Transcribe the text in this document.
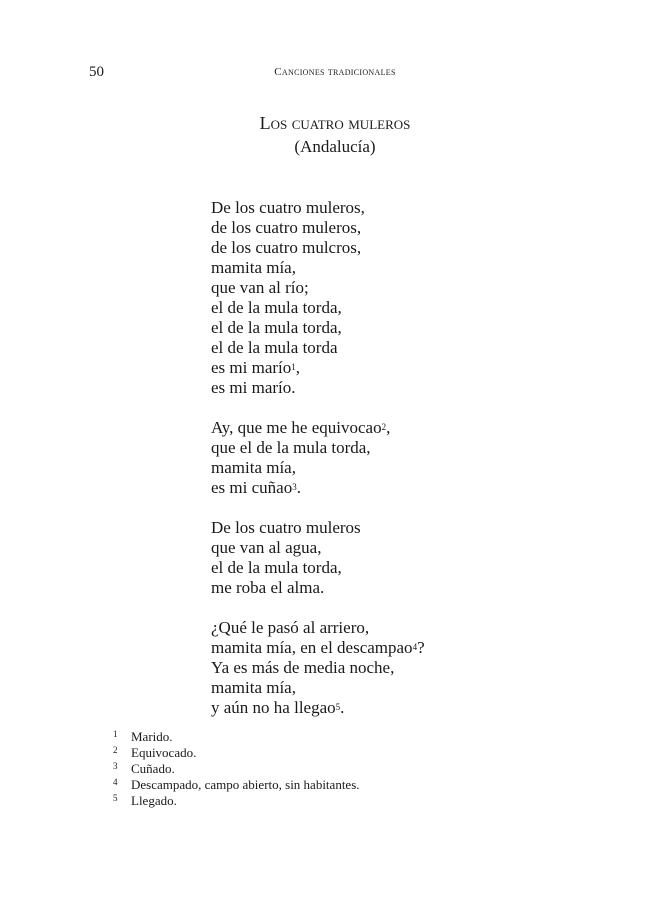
50	Canciones tradicionales
Los cuatro muleros
(Andalucía)
De los cuatro muleros,
de los cuatro muleros,
de los cuatro mulcros,
mamita mía,
que van al río;
el de la mula torda,
el de la mula torda,
el de la mula torda
es mi marío$^1$,
es mi marío.
Ay, que me he equivocao$^2$,
que el de la mula torda,
mamita mía,
es mi cuñao$^3$.
De los cuatro muleros
que van al agua,
el de la mula torda,
me roba el alma.
¿Qué le pasó al arriero,
mamita mía, en el descampao$^4$?
Ya es más de media noche,
mamita mía,
y aún no ha llegao$^5$.
1	Marido.
2	Equivocado.
3	Cuñado.
4	Descampado, campo abierto, sin habitantes.
5	Llegado.
